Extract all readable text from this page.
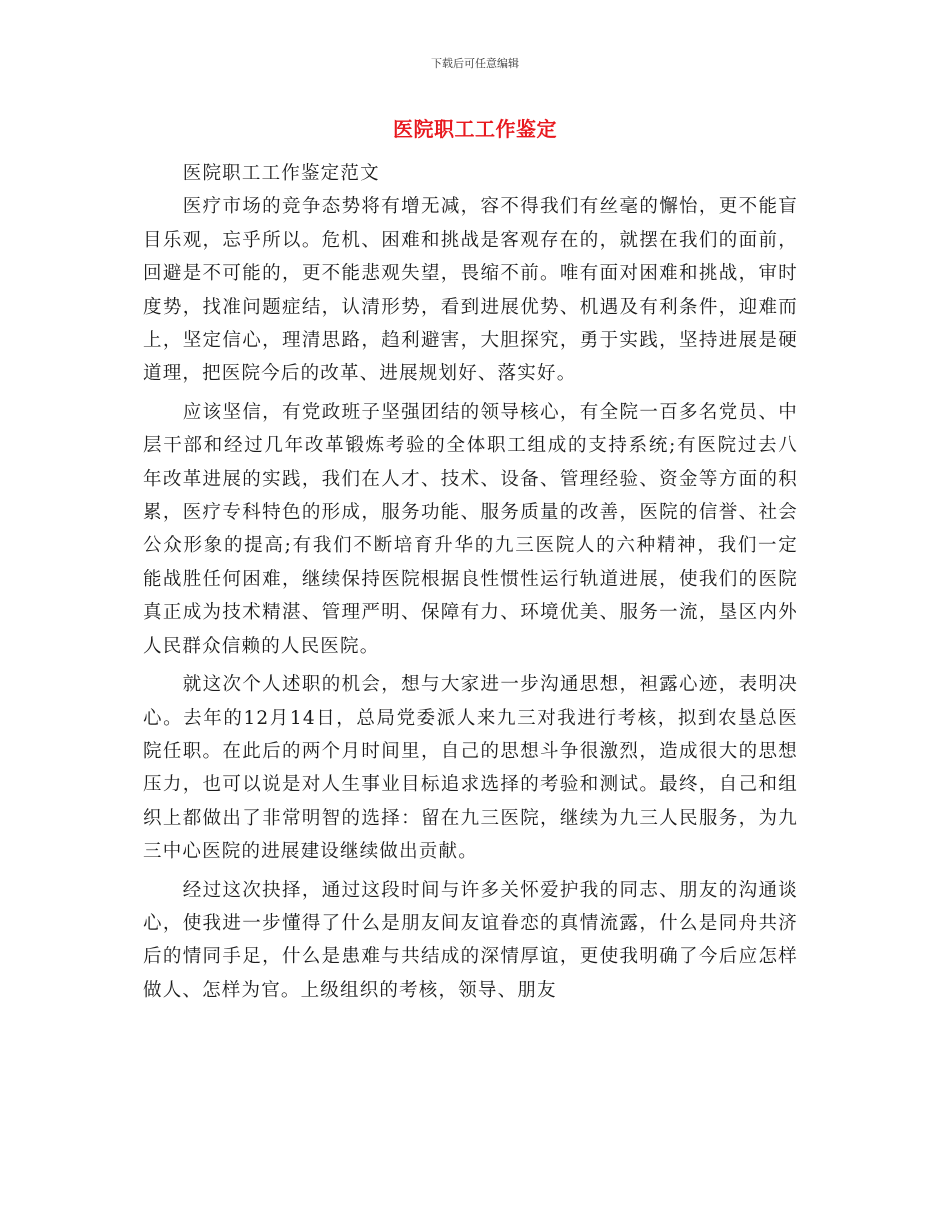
下载后可任意编辑
医院职工工作鉴定

医院职工工作鉴定范文

医疗市场的竞争态势将有增无减，容不得我们有丝毫的懈怡，更不能盲目乐观，忘乎所以。危机、困难和挑战是客观存在的，就摆在我们的面前，回避是不可能的，更不能悲观失望，畏缩不前。唯有面对困难和挑战，审时度势，找准问题症结，认清形势，看到进展优势、机遇及有利条件，迎难而上，坚定信心，理清思路，趋利避害，大胆探究，勇于实践，坚持进展是硬道理，把医院今后的改革、进展规划好、落实好。

应该坚信，有党政班子坚强团结的领导核心，有全院一百多名党员、中层干部和经过几年改革锻炼考验的全体职工组成的支持系统;有医院过去八年改革进展的实践，我们在人才、技术、设备、管理经验、资金等方面的积累，医疗专科特色的形成，服务功能、服务质量的改善，医院的信誉、社会公众形象的提高;有我们不断培育升华的九三医院人的六种精神，我们一定能战胜任何困难，继续保持医院根据良性惯性运行轨道进展，使我们的医院真正成为技术精湛、管理严明、保障有力、环境优美、服务一流，垦区内外人民群众信赖的人民医院。

就这次个人述职的机会，想与大家进一步沟通思想，袒露心迹，表明决心。去年的12月14日，总局党委派人来九三对我进行考核，拟到农垦总医院任职。在此后的两个月时间里，自己的思想斗争很激烈，造成很大的思想压力，也可以说是对人生事业目标追求选择的考验和测试。最终，自己和组织上都做出了非常明智的选择：留在九三医院，继续为九三人民服务，为九三中心医院的进展建设继续做出贡献。

经过这次抉择，通过这段时间与许多关怀爱护我的同志、朋友的沟通谈心，使我进一步懂得了什么是朋友间友谊眷恋的真情流露，什么是同舟共济后的情同手足，什么是患难与共结成的深情厚谊，更使我明确了今后应怎样做人、怎样为官。上级组织的考核，领导、朋友
